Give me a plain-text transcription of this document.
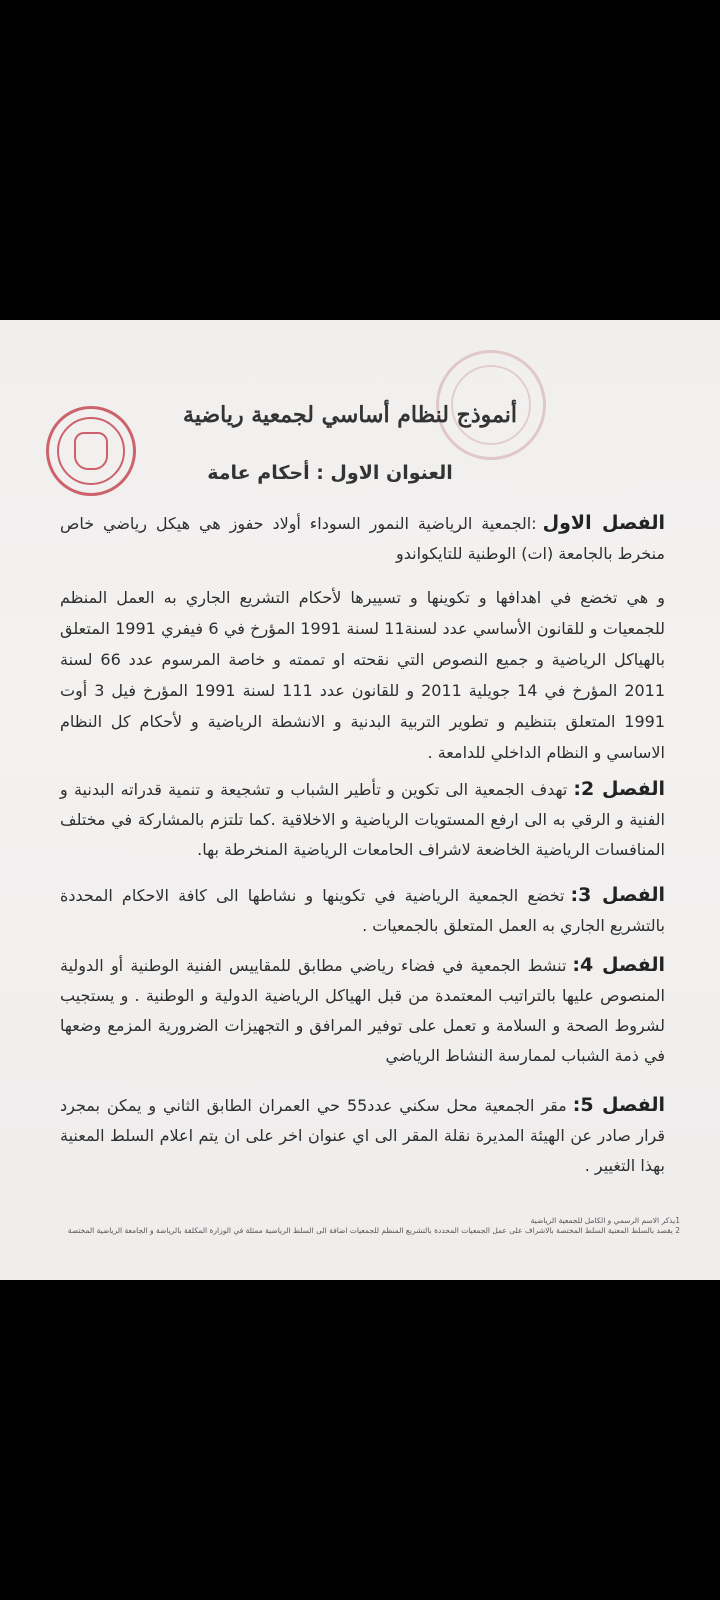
أنموذج لنظام أساسي لجمعية رياضية
العنوان الاول : أحكام عامة

الفصل الاول:الجمعية الرياضية النمور السوداء أولاد حفوز هي هيكل رياضي خاص منخرط بالجامعة (ات) الوطنية للتايكواندو

و هي تخضع في اهدافها و تكوينها و تسييرها لأحكام التشريع الجاري به العمل المنظم للجمعيات و للقانون الأساسي عدد لسنة11 لسنة 1991 المؤرخ في 6 فيفري 1991 المتعلق بالهياكل الرياضية و جميع النصوص التي نقحته او تممته و خاصة المرسوم عدد 66 لسنة 2011 المؤرخ في 14 جويلية 2011 و للقانون عدد 111 لسنة 1991 المؤرخ فيل 3 أوت 1991 المتعلق بتنظيم و تطوير التربية البدنية و الانشطة الرياضية و لأحكام كل النظام الاساسي و النظام الداخلي للدامعة .

الفصل 2:تهدف الجمعية الى تكوين و تأطير الشباب و تشجيعة و تنمية قدراته البدنية و الفنية و الرقي به الى ارفع المستويات الرياضية و الاخلاقية .كما تلتزم بالمشاركة في مختلف المنافسات الرياضية الخاضعة لاشراف الحامعات الرياضية المنخرطة بها.

الفصل 3:تخضع الجمعية الرياضية في تكوينها و نشاطها الى كافة الاحكام المحددة بالتشريع الجاري به العمل المتعلق بالجمعيات .

الفصل 4:تنشط الجمعية في فضاء رياضي مطابق للمقاييس الفنية الوطنية أو الدولية المنصوص عليها بالتراتيب المعتمدة من قبل الهياكل الرياضية الدولية و الوطنية . و يستجيب لشروط الصحة و السلامة و تعمل على توفير المرافق و التجهيزات الضرورية المزمع وضعها في ذمة الشباب لممارسة النشاط الرياضي

الفصل 5:مقر الجمعية محل سكني عدد55 حي العمران الطابق الثاني و يمكن بمجرد قرار صادر عن الهيئة المديرة نقلة المقر الى اي عنوان اخر على ان يتم اعلام السلط المعنية بهذا التغيير .

1يذكر الاسم الرسمي و الكامل للجمعية الرياضية

2 يقصد بالسلط المعنية السلط المختصة بالاشراف على عمل الجمعيات المحددة بالتشريع المنظم للجمعيات اضافة الى السلط الرياضية ممثلة في الوزارة المكلفة بالرياضة و الجامعة الرياضية المختصة
